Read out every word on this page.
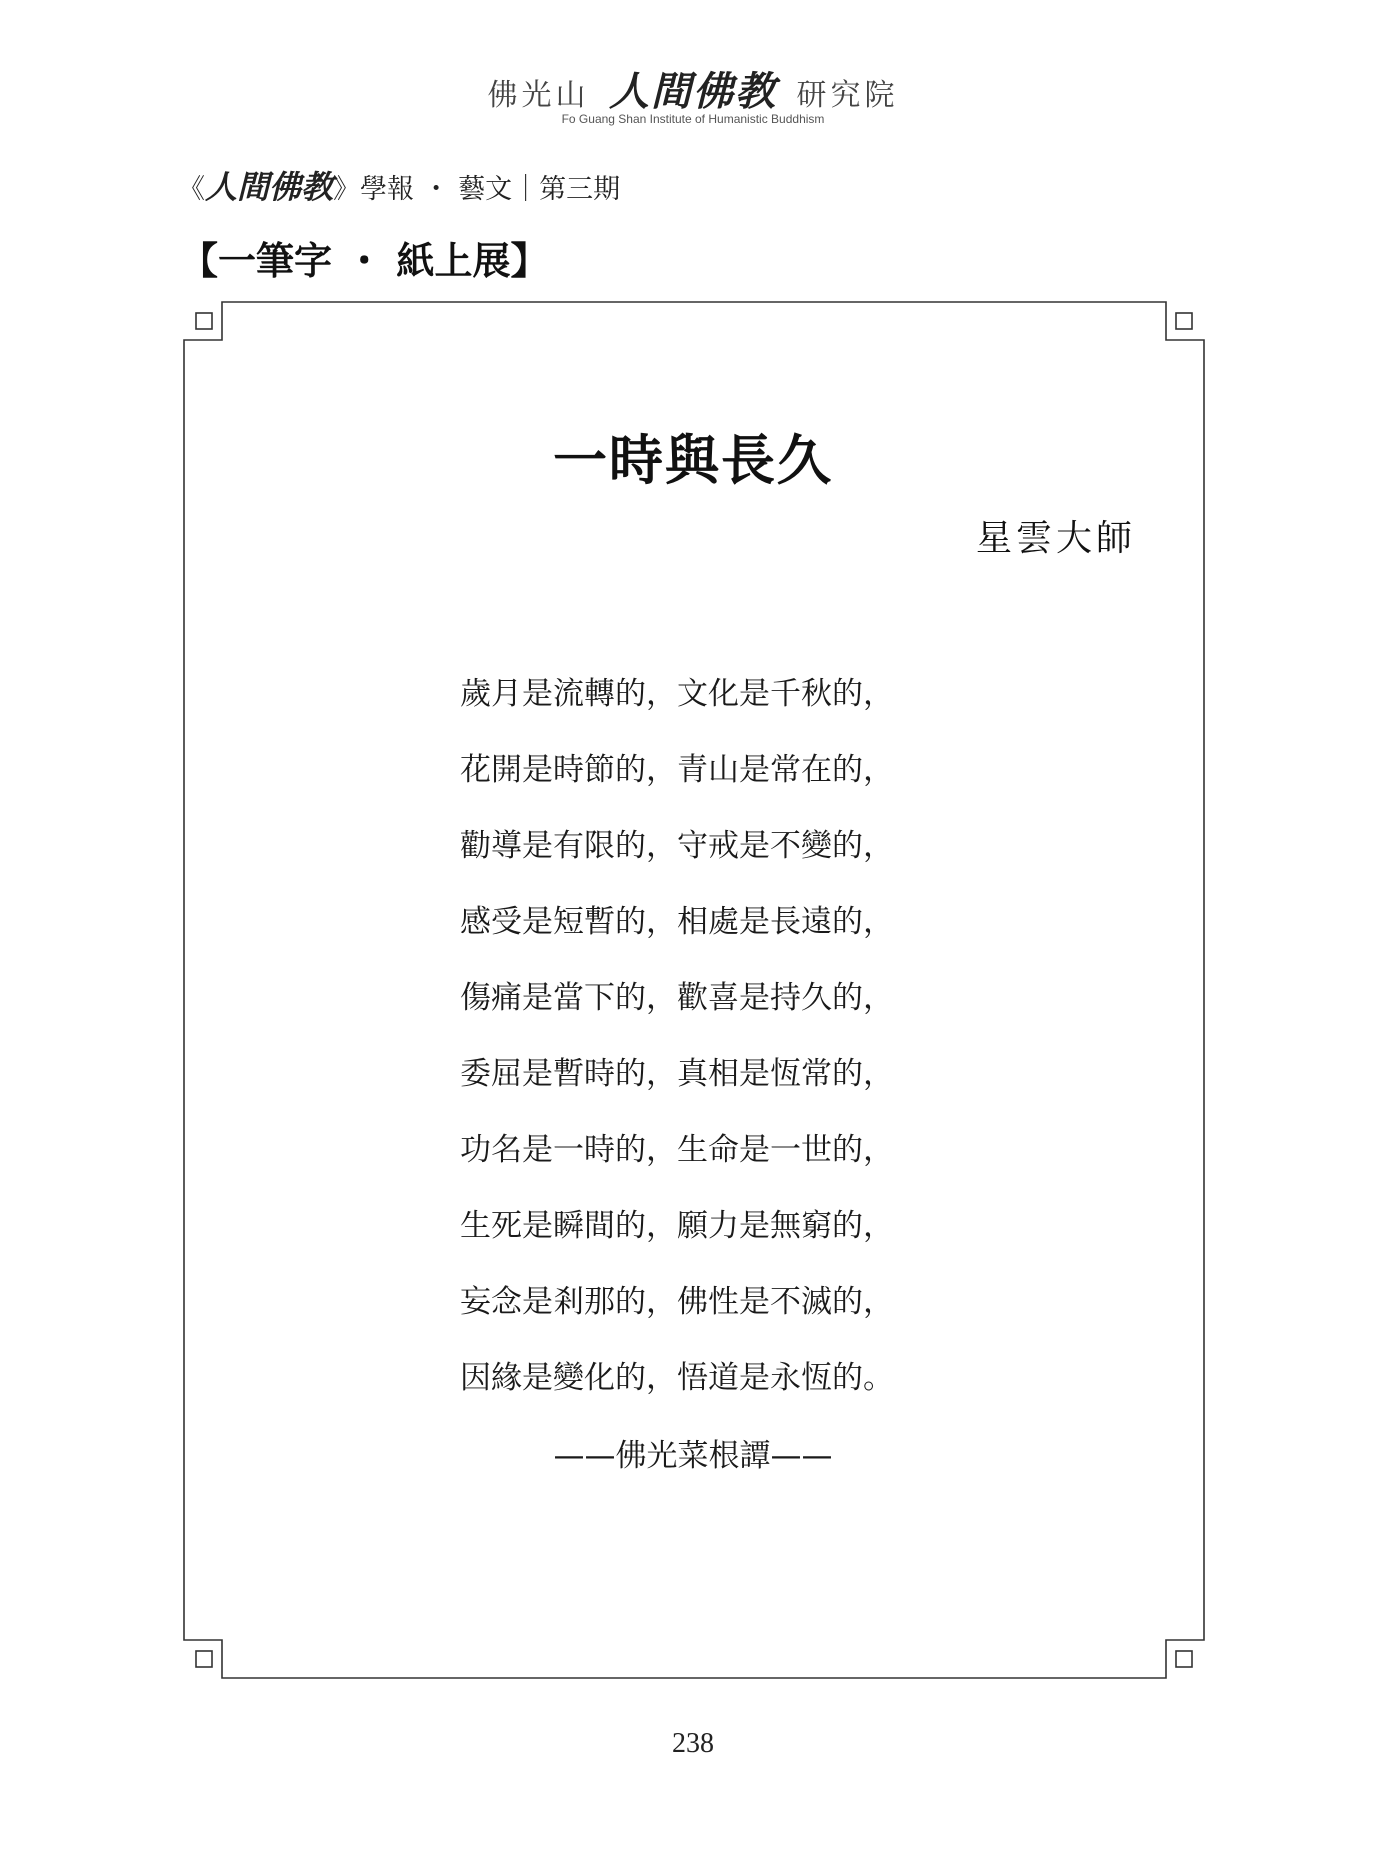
佛光山 人間佛教 研究院
Fo Guang Shan Institute of Humanistic Buddhism
《人間佛教》學報 ・ 藝文｜第三期
【一筆字 ・ 紙上展】
一時與長久
星雲大師
歲月是流轉的，文化是千秋的，
花開是時節的，青山是常在的，
勸導是有限的，守戒是不變的，
感受是短暫的，相處是長遠的，
傷痛是當下的，歡喜是持久的，
委屈是暫時的，真相是恆常的，
功名是一時的，生命是一世的，
生死是瞬間的，願力是無窮的，
妄念是剎那的，佛性是不滅的，
因緣是變化的，悟道是永恆的。
——佛光菜根譚——
238
